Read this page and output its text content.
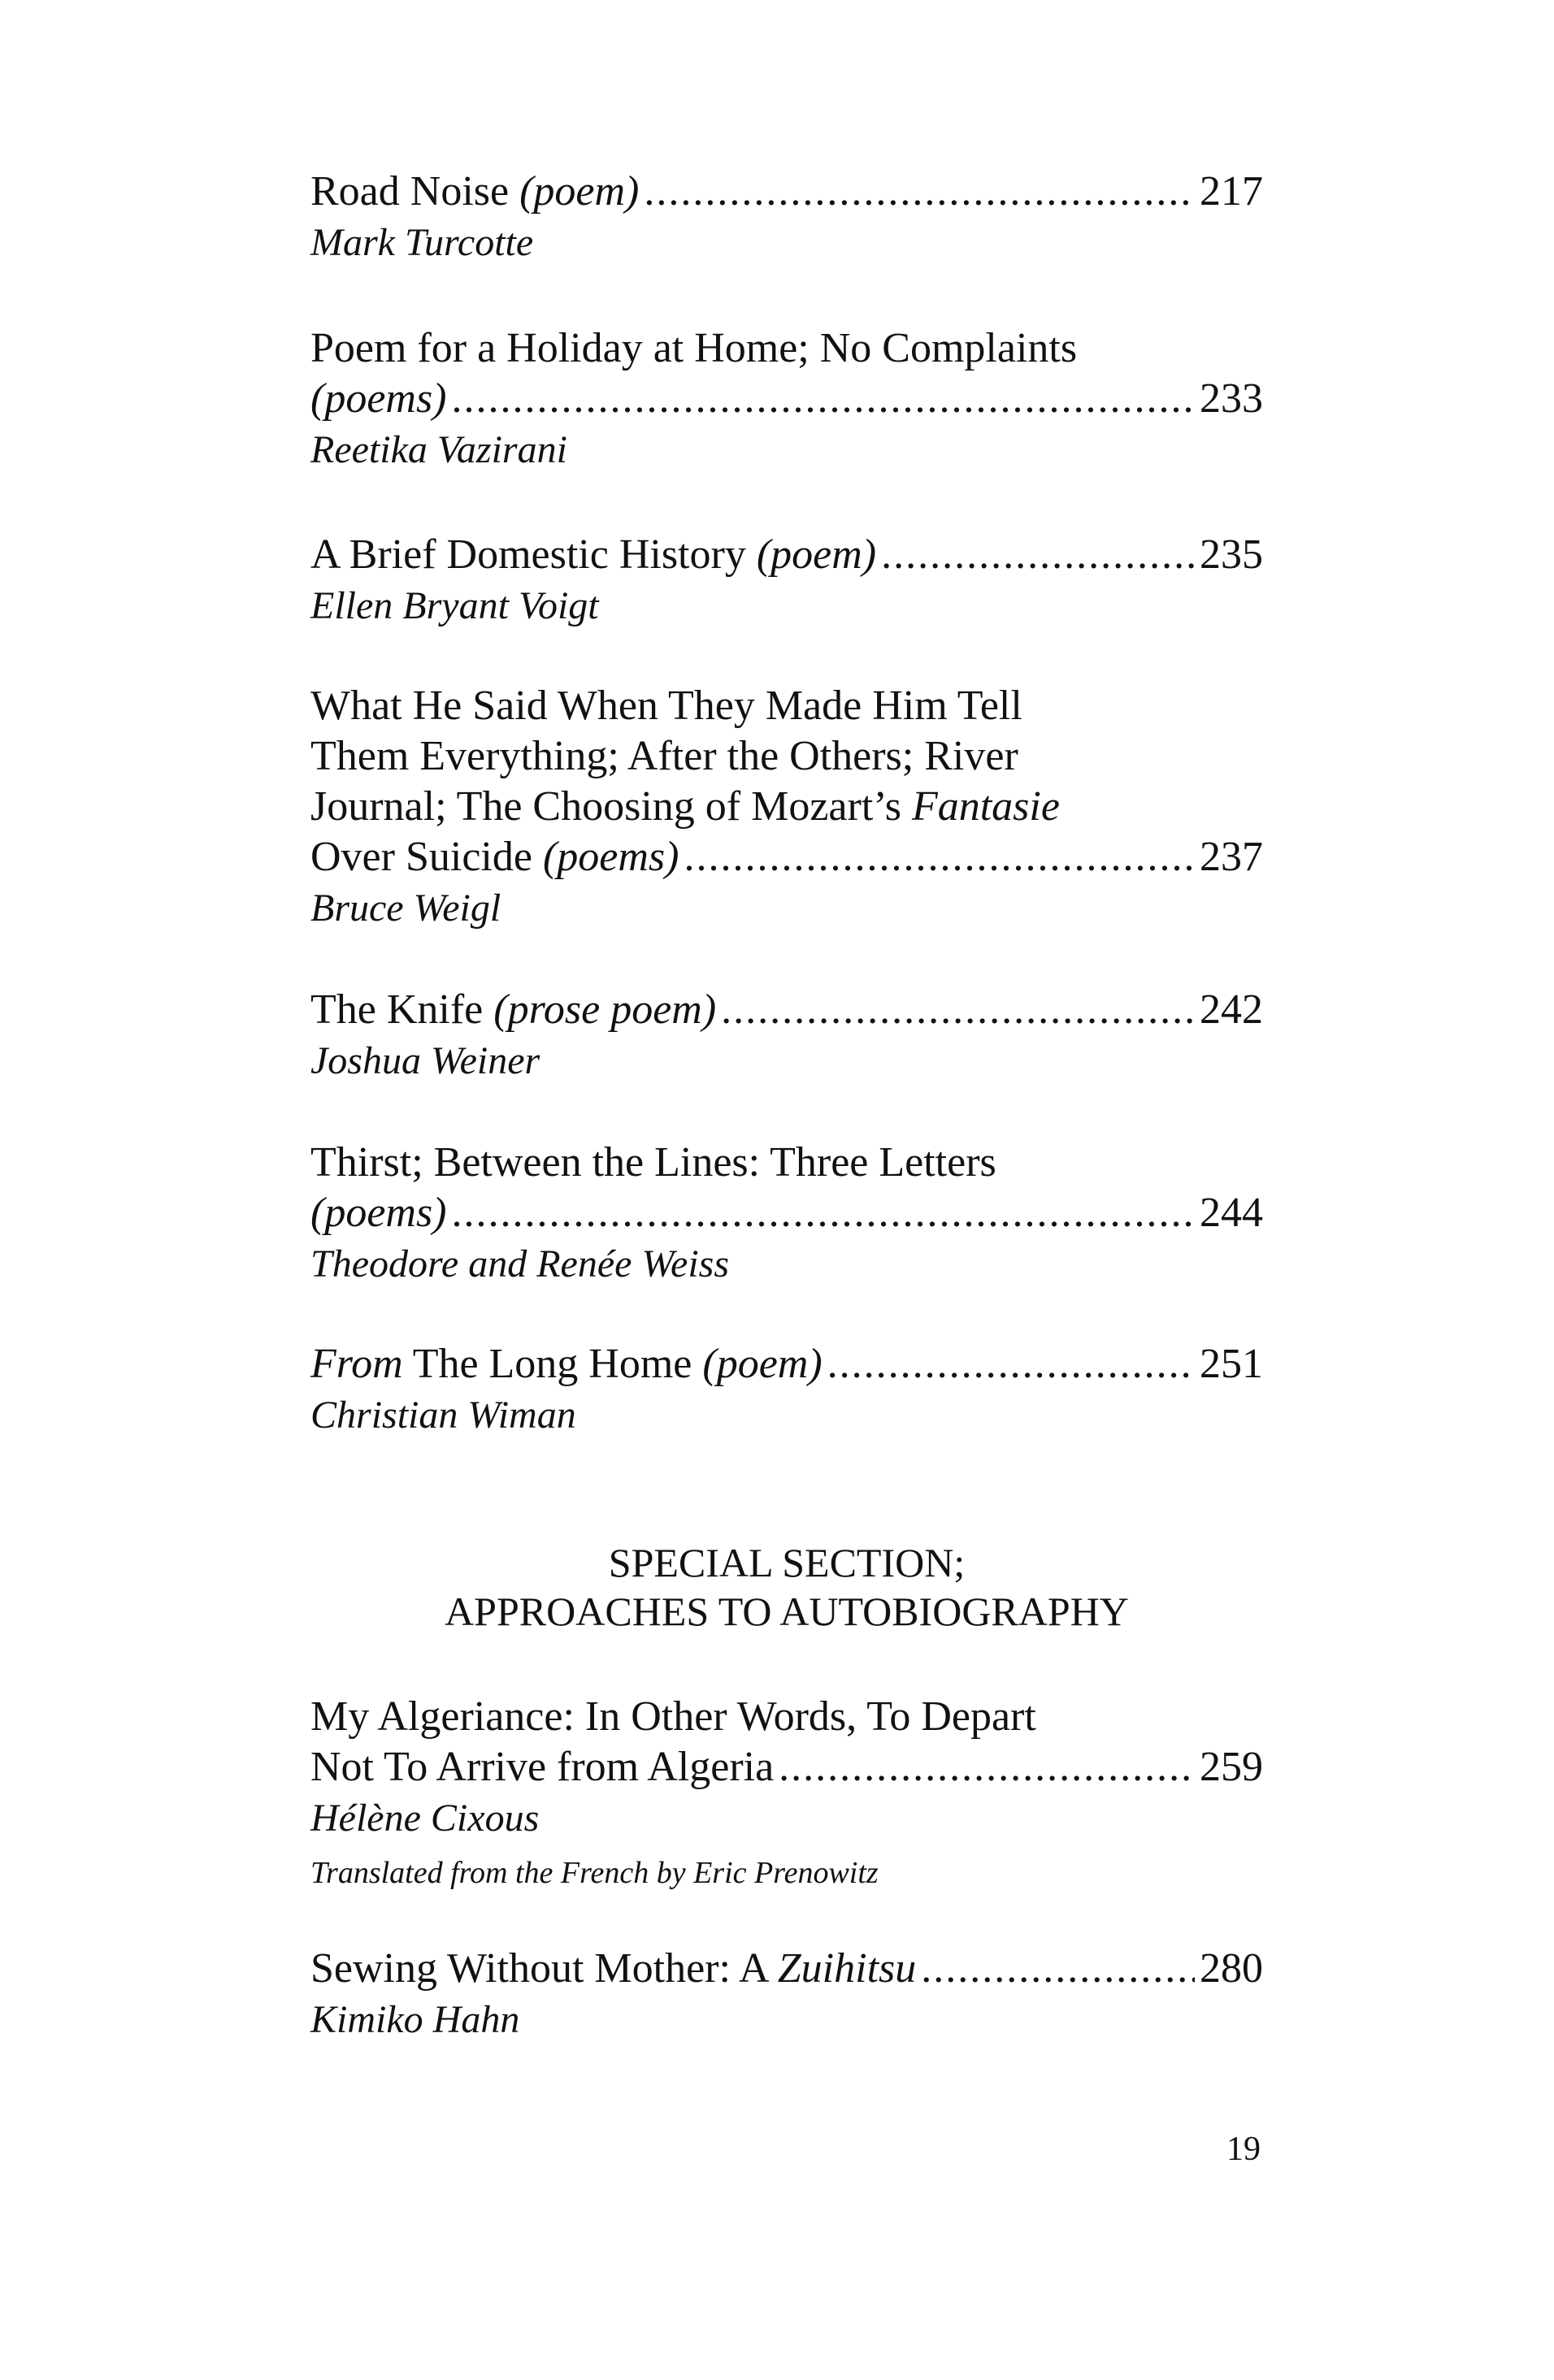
Road Noise (poem) .....	217
Mark Turcotte
Poem for a Holiday at Home; No Complaints
(poems) .....	233
Reetika Vazirani
A Brief Domestic History (poem) .....	235
Ellen Bryant Voigt
What He Said When They Made Him Tell
Them Everything; After the Others; River
Journal; The Choosing of Mozart’s Fantasie
Over Suicide (poems) .....	237
Bruce Weigl
The Knife (prose poem) .....	242
Joshua Weiner
Thirst; Between the Lines: Three Letters
(poems) .....	244
Theodore and Renée Weiss
From The Long Home (poem) .....	251
Christian Wiman
SPECIAL SECTION;
APPROACHES TO AUTOBIOGRAPHY
My Algeriance: In Other Words, To Depart
Not To Arrive from Algeria .....	259
Hélène Cixous
Translated from the French by Eric Prenowitz
Sewing Without Mother: A Zuihitsu .....	280
Kimiko Hahn
19
